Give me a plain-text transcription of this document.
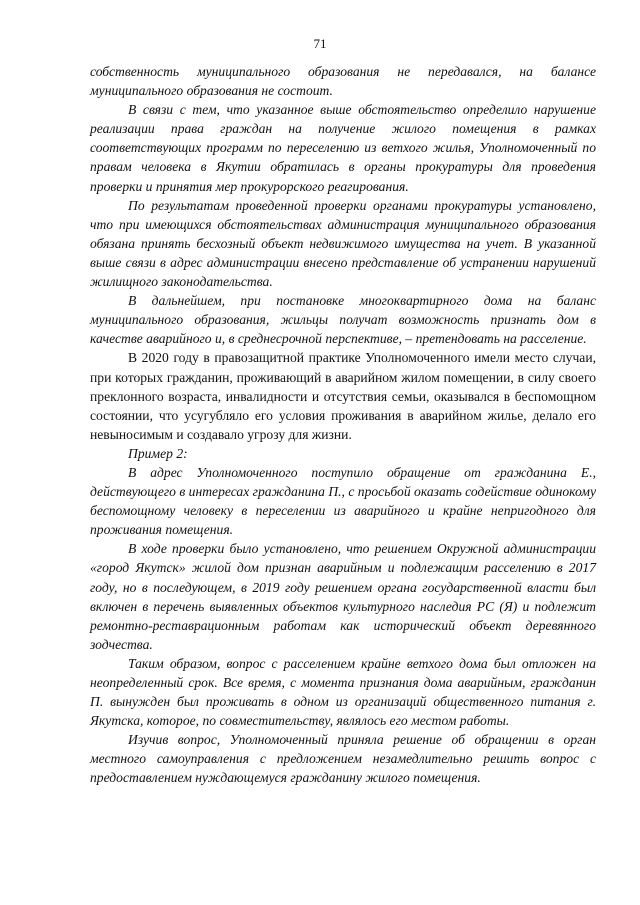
71

собственность муниципального образования не передавался, на балансе муниципального образования не состоит.

В связи с тем, что указанное выше обстоятельство определило нарушение реализации права граждан на получение жилого помещения в рамках соответствующих программ по переселению из ветхого жилья, Уполномоченный по правам человека в Якутии обратилась в органы прокуратуры для проведения проверки и принятия мер прокурорского реагирования.

По результатам проведенной проверки органами прокуратуры установлено, что при имеющихся обстоятельствах администрация муниципального образования обязана принять бесхозный объект недвижимого имущества на учет. В указанной выше связи в адрес администрации внесено представление об устранении нарушений жилищного законодательства.

В дальнейшем, при постановке многоквартирного дома на баланс муниципального образования, жильцы получат возможность признать дом в качестве аварийного и, в среднесрочной перспективе, – претендовать на расселение.

В 2020 году в правозащитной практике Уполномоченного имели место случаи, при которых гражданин, проживающий в аварийном жилом помещении, в силу своего преклонного возраста, инвалидности и отсутствия семьи, оказывался в беспомощном состоянии, что усугубляло его условия проживания в аварийном жилье, делало его невыносимым и создавало угрозу для жизни.

Пример 2:

В адрес Уполномоченного поступило обращение от гражданина Е., действующего в интересах гражданина П., с просьбой оказать содействие одинокому беспомощному человеку в переселении из аварийного и крайне непригодного для проживания помещения.

В ходе проверки было установлено, что решением Окружной администрации «город Якутск» жилой дом признан аварийным и подлежащим расселению в 2017 году, но в последующем, в 2019 году решением органа государственной власти был включен в перечень выявленных объектов культурного наследия РС (Я) и подлежит ремонтно-реставрационным работам как исторический объект деревянного зодчества.

Таким образом, вопрос с расселением крайне ветхого дома был отложен на неопределенный срок. Все время, с момента признания дома аварийным, гражданин П. вынужден был проживать в одном из организаций общественного питания г. Якутска, которое, по совместительству, являлось его местом работы.

Изучив вопрос, Уполномоченный приняла решение об обращении в орган местного самоуправления с предложением незамедлительно решить вопрос с предоставлением нуждающемуся гражданину жилого помещения.
